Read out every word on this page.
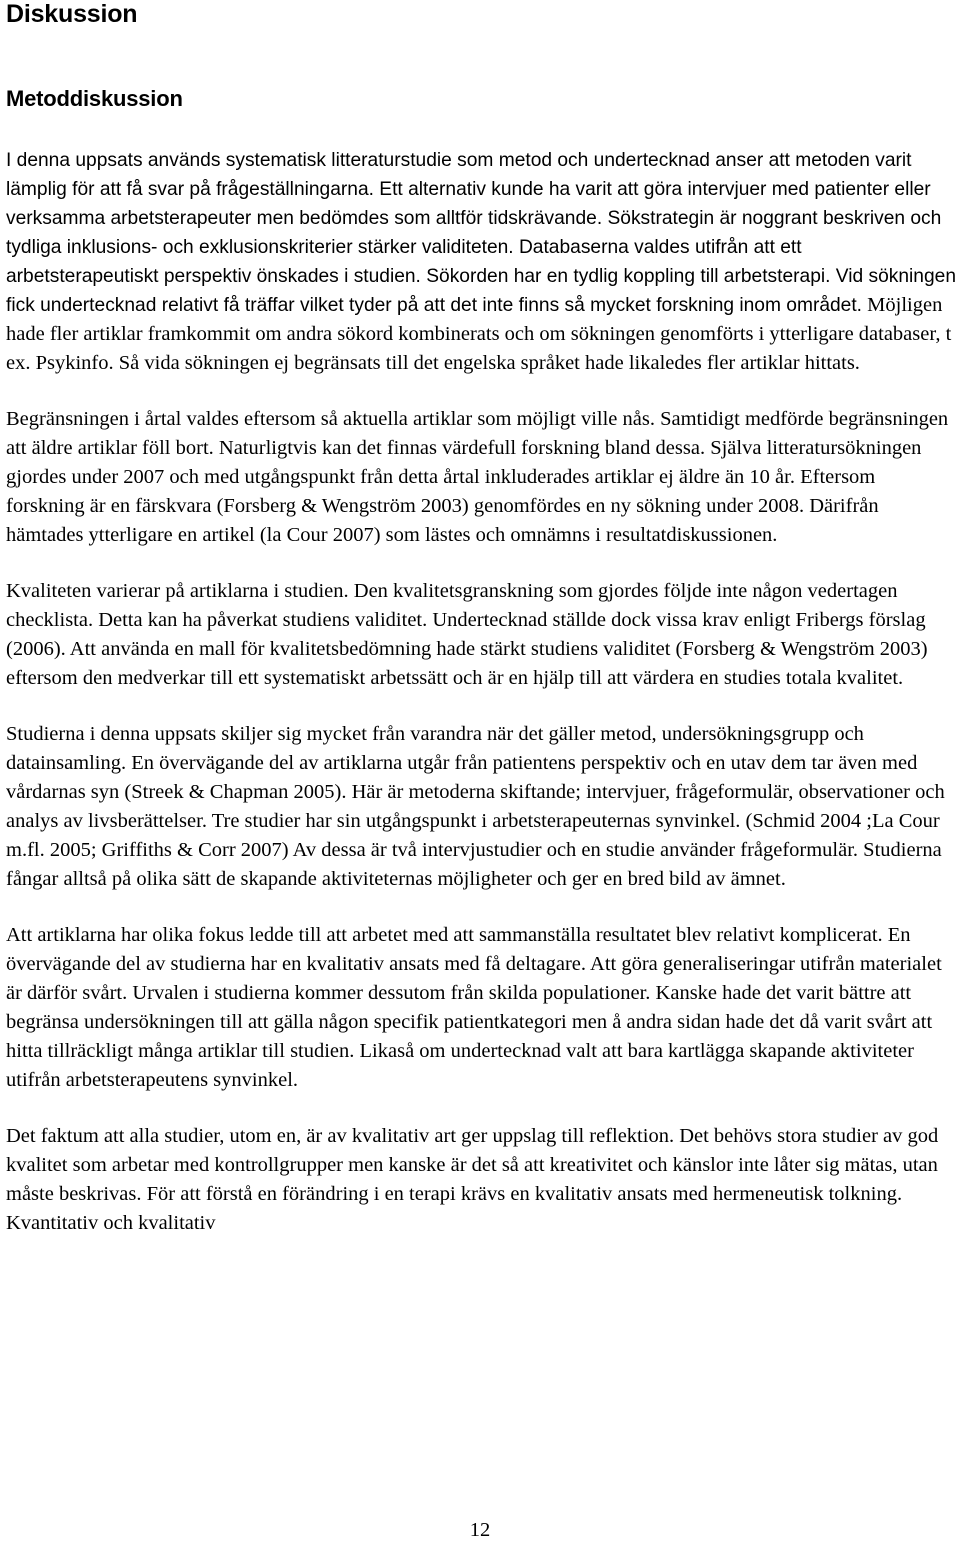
Diskussion
Metoddiskussion

I denna uppsats används systematisk litteraturstudie som metod och undertecknad anser att metoden varit lämplig för att få svar på frågeställningarna. Ett alternativ kunde ha varit att göra intervjuer med patienter eller verksamma arbetsterapeuter men bedömdes som alltför tidskrävande. Sökstrategin är noggrant beskriven och tydliga inklusions- och exklusionskriterier stärker validiteten. Databaserna valdes utifrån att ett arbetsterapeutiskt perspektiv önskades i studien. Sökorden har en tydlig koppling till arbetsterapi. Vid sökningen fick undertecknad relativt få träffar vilket tyder på att det inte finns så mycket forskning inom området. Möjligen hade fler artiklar framkommit om andra sökord kombinerats och om sökningen genomförts i ytterligare databaser, t ex. Psykinfo. Så vida sökningen ej begränsats till det engelska språket hade likaledes fler artiklar hittats.

Begränsningen i årtal valdes eftersom så aktuella artiklar som möjligt ville nås. Samtidigt medförde begränsningen att äldre artiklar föll bort. Naturligtvis kan det finnas värdefull forskning bland dessa. Själva litteratursökningen gjordes under 2007 och med utgångspunkt från detta årtal inkluderades artiklar ej äldre än 10 år. Eftersom forskning är en färskvara (Forsberg & Wengström 2003) genomfördes en ny sökning under 2008. Därifrån hämtades ytterligare en artikel (la Cour 2007) som lästes och omnämns i resultatdiskussionen.

Kvaliteten varierar på artiklarna i studien. Den kvalitetsgranskning som gjordes följde inte någon vedertagen checklista. Detta kan ha påverkat studiens validitet. Undertecknad ställde dock vissa krav enligt Fribergs förslag (2006). Att använda en mall för kvalitetsbedömning hade stärkt studiens validitet (Forsberg & Wengström 2003) eftersom den medverkar till ett systematiskt arbetssätt och är en hjälp till att värdera en studies totala kvalitet.

Studierna i denna uppsats skiljer sig mycket från varandra när det gäller metod, undersökningsgrupp och datainsamling. En övervägande del av artiklarna utgår från patientens perspektiv och en utav dem tar även med vårdarnas syn (Streek & Chapman 2005). Här är metoderna skiftande; intervjuer, frågeformulär, observationer och analys av livsberättelser. Tre studier har sin utgångspunkt i arbetsterapeuternas synvinkel. (Schmid 2004 ;La Cour m.fl. 2005; Griffiths & Corr 2007) Av dessa är två intervjustudier och en studie använder frågeformulär. Studierna fångar alltså på olika sätt de skapande aktiviteternas möjligheter och ger en bred bild av ämnet.

Att artiklarna har olika fokus ledde till att arbetet med att sammanställa resultatet blev relativt komplicerat. En övervägande del av studierna har en kvalitativ ansats med få deltagare. Att göra generaliseringar utifrån materialet är därför svårt. Urvalen i studierna kommer dessutom från skilda populationer. Kanske hade det varit bättre att begränsa undersökningen till att gälla någon specifik patientkategori men å andra sidan hade det då varit svårt att hitta tillräckligt många artiklar till studien. Likaså om undertecknad valt att bara kartlägga skapande aktiviteter utifrån arbetsterapeutens synvinkel.

Det faktum att alla studier, utom en, är av kvalitativ art ger uppslag till reflektion. Det behövs stora studier av god kvalitet som arbetar med kontrollgrupper men kanske är det så att kreativitet och känslor inte låter sig mätas, utan måste beskrivas. För att förstå en förändring i en terapi krävs en kvalitativ ansats med hermeneutisk tolkning. Kvantitativ och kvalitativ

12
